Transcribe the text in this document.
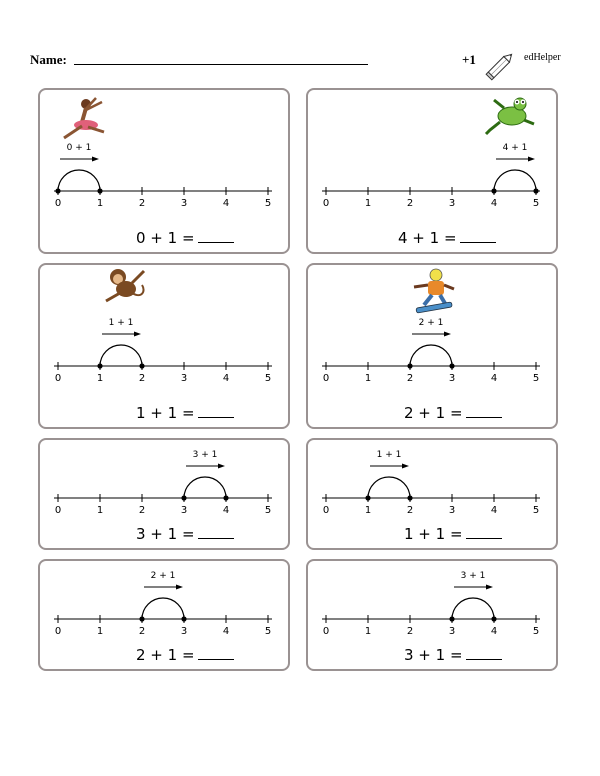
Name:	+1	edHelper
0	1	2	3	4	5
0 + 1
0 + 1 =
0	1	2	3	4	5
4 + 1
4 + 1 =
0	1	2	3	4	5
1 + 1
1 + 1 =
0	1	2	3	4	5
2 + 1
2 + 1 =
0	1	2	3	4	5
3 + 1
3 + 1 =
0	1	2	3	4	5
1 + 1
1 + 1 =
0	1	2	3	4	5
2 + 1
2 + 1 =
0	1	2	3	4	5
3 + 1
3 + 1 =
